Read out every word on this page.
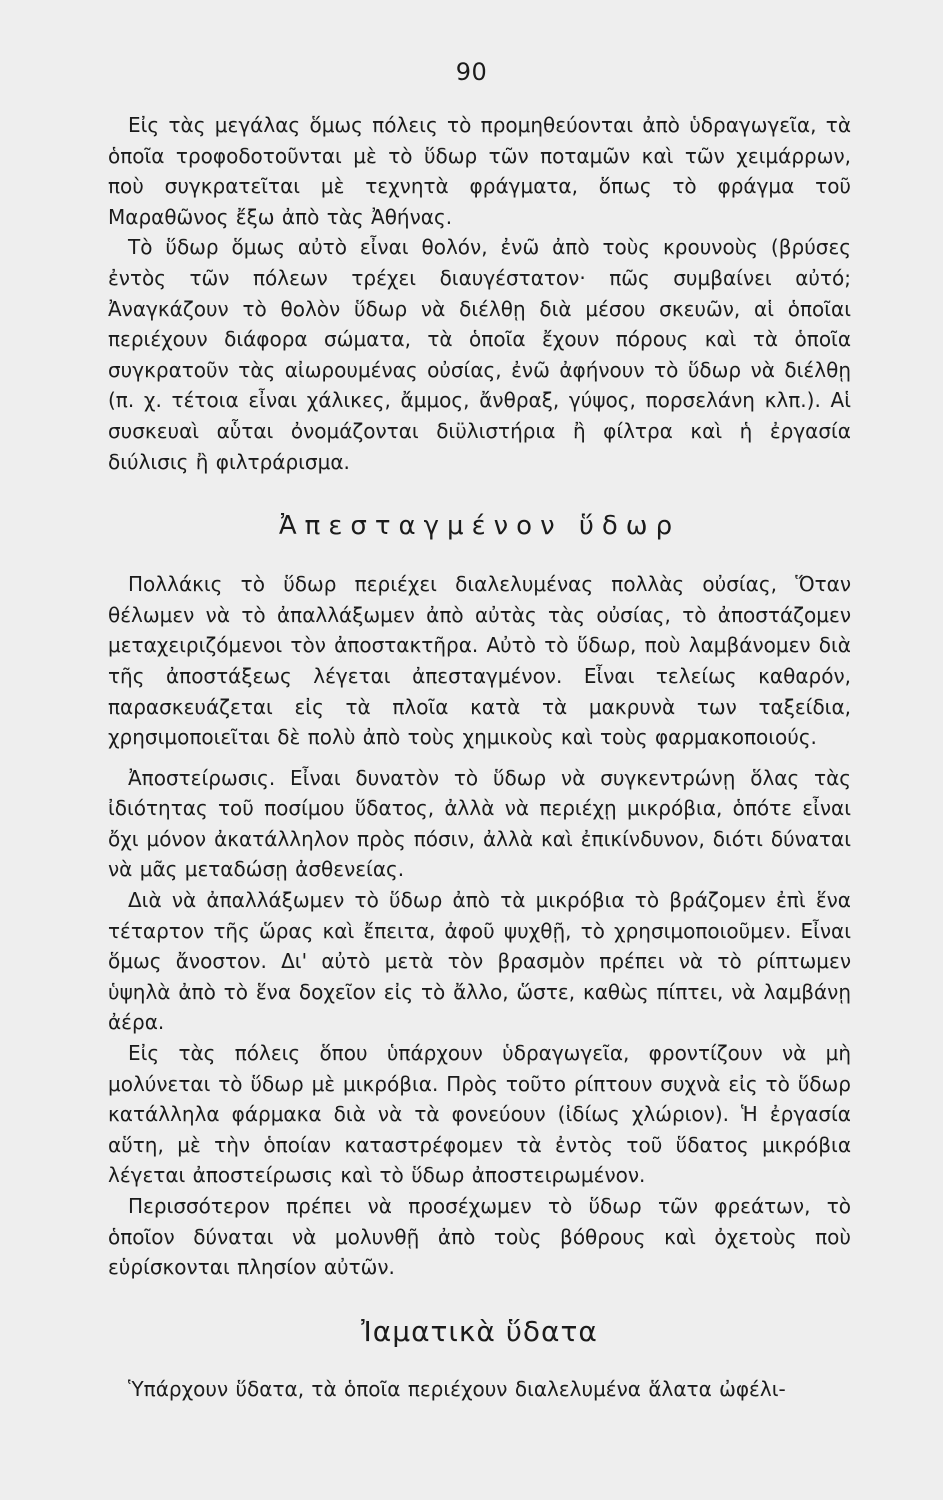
90

Εἰς τὰς μεγάλας ὅμως πόλεις τὸ προμηθεύονται ἀπὸ ὑδραγωγεῖα, τὰ ὁποῖα τροφοδοτοῦνται μὲ τὸ ὕδωρ τῶν ποταμῶν καὶ τῶν χειμάρρων, ποὺ συγκρατεῖται μὲ τεχνητὰ φράγματα, ὅπως τὸ φράγμα τοῦ Μαραθῶνος ἔξω ἀπὸ τὰς Ἀθήνας.

Τὸ ὕδωρ ὅμως αὐτὸ εἶναι θολόν, ἐνῶ ἀπὸ τοὺς κρουνοὺς (βρύσες ἐντὸς τῶν πόλεων τρέχει διαυγέστατον· πῶς συμβαίνει αὐτό; Ἀναγκάζουν τὸ θολὸν ὕδωρ νὰ διέλθῃ διὰ μέσου σκευῶν, αἱ ὁποῖαι περιέχουν διάφορα σώματα, τὰ ὁποῖα ἔχουν πόρους καὶ τὰ ὁποῖα συγκρατοῦν τὰς αἰωρουμένας οὐσίας, ἐνῶ ἀφήνουν τὸ ὕδωρ νὰ διέλθῃ (π. χ. τέτοια εἶναι χάλικες, ἄμμος, ἄνθραξ, γύψος, πορσελάνη κλπ.). Αἱ συσκευαὶ αὗται ὀνομάζονται διϋλιστήρια ἢ φίλτρα καὶ ἡ ἐργασία διύλισις ἢ φιλτράρισμα.

Ἀπεσταγμένον ὕδωρ

Πολλάκις τὸ ὕδωρ περιέχει διαλελυμένας πολλὰς οὐσίας, Ὅταν θέλωμεν νὰ τὸ ἀπαλλάξωμεν ἀπὸ αὐτὰς τὰς οὐσίας, τὸ ἀποστάζομεν μεταχειριζόμενοι τὸν ἀποστακτῆρα. Αὐτὸ τὸ ὕδωρ, ποὺ λαμβάνομεν διὰ τῆς ἀποστάξεως λέγεται ἀπεσταγμένον. Εἶναι τελείως καθαρόν, παρασκευάζεται εἰς τὰ πλοῖα κατὰ τὰ μακρυνὰ των ταξείδια, χρησιμοποιεῖται δὲ πολὺ ἀπὸ τοὺς χημικοὺς καὶ τοὺς φαρμακοποιούς.

Ἀποστείρωσις. Εἶναι δυνατὸν τὸ ὕδωρ νὰ συγκεντρώνῃ ὅλας τὰς ἰδιότητας τοῦ ποσίμου ὕδατος, ἀλλὰ νὰ περιέχῃ μικρόβια, ὁπότε εἶναι ὄχι μόνον ἀκατάλληλον πρὸς πόσιν, ἀλλὰ καὶ ἐπικίνδυνον, διότι δύναται νὰ μᾶς μεταδώσῃ ἀσθενείας.

Διὰ νὰ ἀπαλλάξωμεν τὸ ὕδωρ ἀπὸ τὰ μικρόβια τὸ βράζομεν ἐπὶ ἕνα τέταρτον τῆς ὥρας καὶ ἔπειτα, ἀφοῦ ψυχθῇ, τὸ χρησιμοποιοῦμεν. Εἶναι ὅμως ἄνοστον. Δι' αὐτὸ μετὰ τὸν βρασμὸν πρέπει νὰ τὸ ρίπτωμεν ὑψηλὰ ἀπὸ τὸ ἕνα δοχεῖον εἰς τὸ ἄλλο, ὥστε, καθὼς πίπτει, νὰ λαμβάνῃ ἀέρα.

Εἰς τὰς πόλεις ὅπου ὑπάρχουν ὑδραγωγεῖα, φροντίζουν νὰ μὴ μολύνεται τὸ ὕδωρ μὲ μικρόβια. Πρὸς τοῦτο ρίπτουν συχνὰ εἰς τὸ ὕδωρ κατάλληλα φάρμακα διὰ νὰ τὰ φονεύουν (ἰδίως χλώριον). Ἡ ἐργασία αὕτη, μὲ τὴν ὁποίαν καταστρέφομεν τὰ ἐντὸς τοῦ ὕδατος μικρόβια λέγεται ἀποστείρωσις καὶ τὸ ὕδωρ ἀποστειρωμένον.

Περισσότερον πρέπει νὰ προσέχωμεν τὸ ὕδωρ τῶν φρεάτων, τὸ ὁποῖον δύναται νὰ μολυνθῇ ἀπὸ τοὺς βόθρους καὶ ὀχετοὺς ποὺ εὑρίσκονται πλησίον αὐτῶν.

Ἰαματικὰ ὕδατα

Ὑπάρχουν ὕδατα, τὰ ὁποῖα περιέχουν διαλελυμένα ἅλατα ὠφέλι-
